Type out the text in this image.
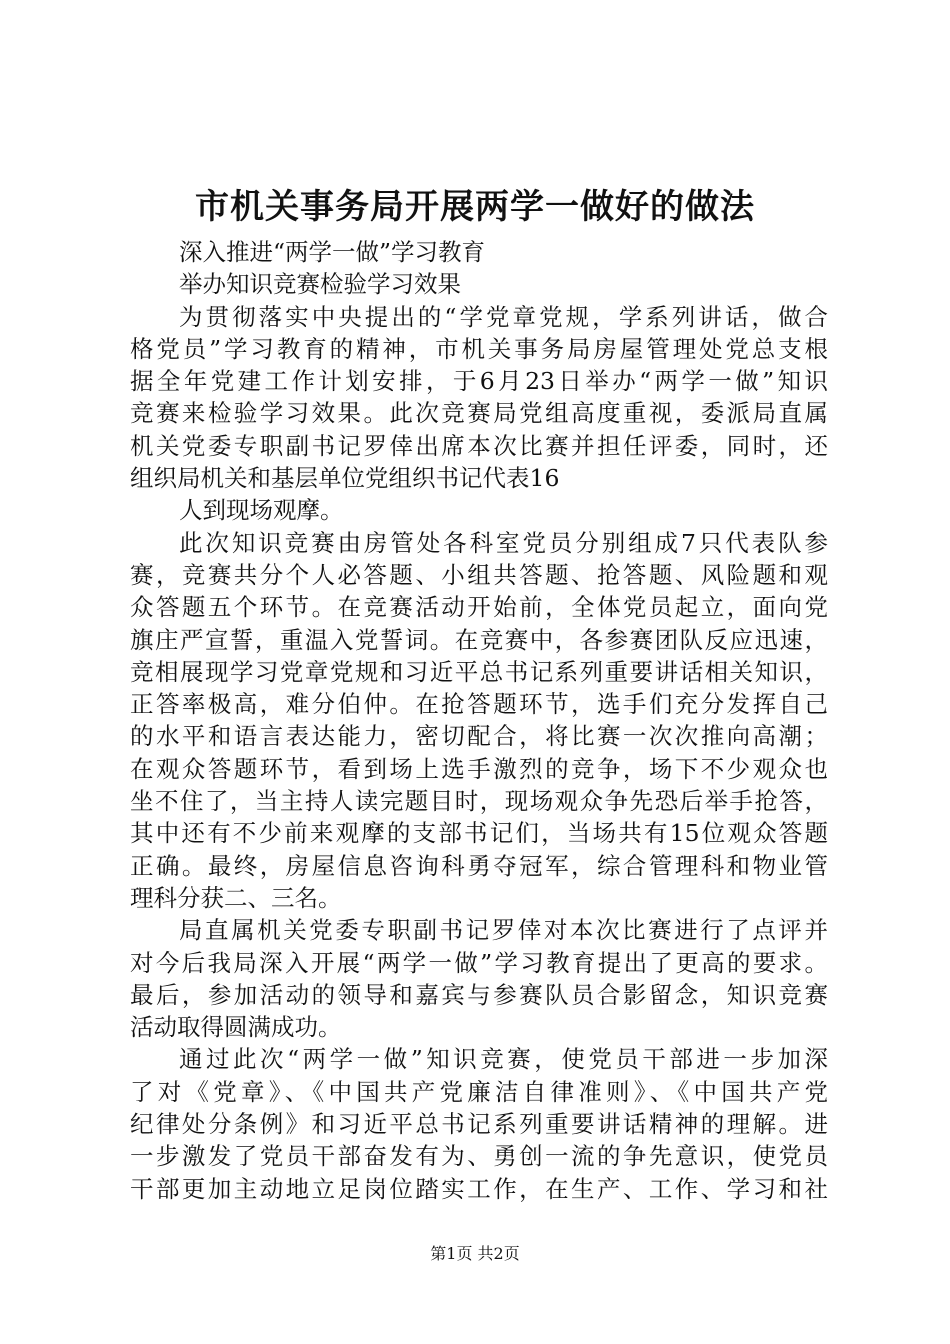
市机关事务局开展两学一做好的做法
深入推进“两学一做”学习教育
举办知识竞赛检验学习效果
为贯彻落实中央提出的“学党章党规，学系列讲话，做合
格党员”学习教育的精神，市机关事务局房屋管理处党总支根
据全年党建工作计划安排，于6月23日举办“两学一做”知识
竞赛来检验学习效果。此次竞赛局党组高度重视，委派局直属
机关党委专职副书记罗倖出席本次比赛并担任评委，同时，还
组织局机关和基层单位党组织书记代表16
人到现场观摩。
此次知识竞赛由房管处各科室党员分别组成7只代表队参
赛，竞赛共分个人必答题、小组共答题、抢答题、风险题和观
众答题五个环节。在竞赛活动开始前，全体党员起立，面向党
旗庄严宣誓，重温入党誓词。在竞赛中，各参赛团队反应迅速，
竞相展现学习党章党规和习近平总书记系列重要讲话相关知识，
正答率极高，难分伯仲。在抢答题环节，选手们充分发挥自己
的水平和语言表达能力，密切配合，将比赛一次次推向高潮；
在观众答题环节，看到场上选手激烈的竞争，场下不少观众也
坐不住了，当主持人读完题目时，现场观众争先恐后举手抢答，
其中还有不少前来观摩的支部书记们，当场共有15位观众答题
正确。最终，房屋信息咨询科勇夺冠军，综合管理科和物业管
理科分获二、三名。
局直属机关党委专职副书记罗倖对本次比赛进行了点评并
对今后我局深入开展“两学一做”学习教育提出了更高的要求。
最后，参加活动的领导和嘉宾与参赛队员合影留念，知识竞赛
活动取得圆满成功。
通过此次“两学一做”知识竞赛，使党员干部进一步加深
了对《党章》、《中国共产党廉洁自律准则》、《中国共产党
纪律处分条例》和习近平总书记系列重要讲话精神的理解。进
一步激发了党员干部奋发有为、勇创一流的争先意识，使党员
干部更加主动地立足岗位踏实工作，在生产、工作、学习和社
第1页 共2页
